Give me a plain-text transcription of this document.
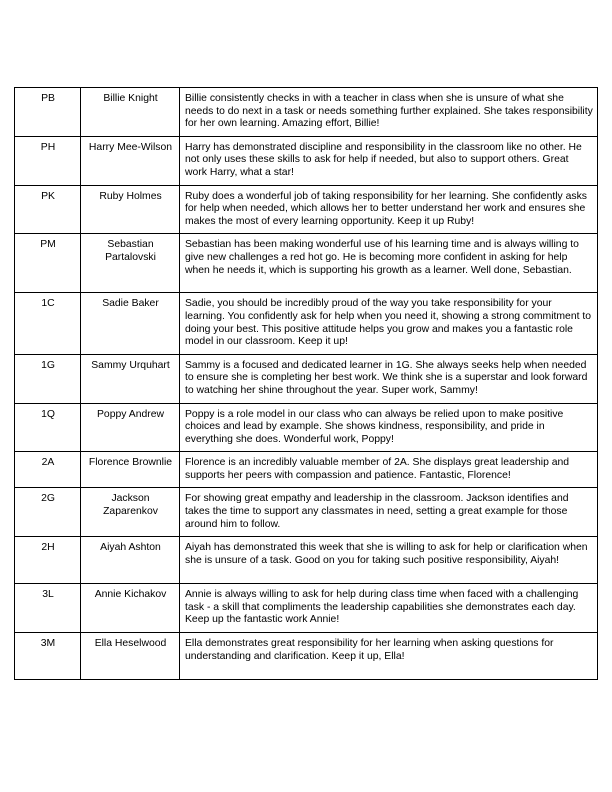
PB	Billie Knight	Billie consistently checks in with a teacher in class when she is unsure of what she needs to do next in a task or needs something further explained. She takes responsibility for her own learning. Amazing effort, Billie!
PH	Harry Mee-Wilson	Harry has demonstrated discipline and responsibility in the classroom like no other. He not only uses these skills to ask for help if needed, but also to support others. Great work Harry, what a star!
PK	Ruby Holmes	Ruby does a wonderful job of taking responsibility for her learning. She confidently asks for help when needed, which allows her to better understand her work and ensures she makes the most of every learning opportunity. Keep it up Ruby!
PM	Sebastian Partalovski	Sebastian has been making wonderful use of his learning time and is always willing to give new challenges a red hot go. He is becoming more confident in asking for help when he needs it, which is supporting his growth as a learner. Well done, Sebastian.
1C	Sadie Baker	Sadie, you should be incredibly proud of the way you take responsibility for your learning. You confidently ask for help when you need it, showing a strong commitment to doing your best. This positive attitude helps you grow and makes you a fantastic role model in our classroom. Keep it up!
1G	Sammy Urquhart	Sammy is a focused and dedicated learner in 1G. She always seeks help when needed to ensure she is completing her best work. We think she is a superstar and look forward to watching her shine throughout the year. Super work, Sammy!
1Q	Poppy Andrew	Poppy is a role model in our class who can always be relied upon to make positive choices and lead by example. She shows kindness, responsibility, and pride in everything she does. Wonderful work, Poppy!
2A	Florence Brownlie	Florence is an incredibly valuable member of 2A. She displays great leadership and supports her peers with compassion and patience. Fantastic, Florence!
2G	Jackson Zaparenkov	For showing great empathy and leadership in the classroom. Jackson identifies and takes the time to support any classmates in need, setting a great example for those around him to follow.
2H	Aiyah Ashton	Aiyah has demonstrated this week that she is willing to ask for help or clarification when she is unsure of a task. Good on you for taking such positive responsibility, Aiyah!
3L	Annie Kichakov	Annie is always willing to ask for help during class time when faced with a challenging task - a skill that compliments the leadership capabilities she demonstrates each day. Keep up the fantastic work Annie!
3M	Ella Heselwood	Ella demonstrates great responsibility for her learning when asking questions for understanding and clarification. Keep it up, Ella!
